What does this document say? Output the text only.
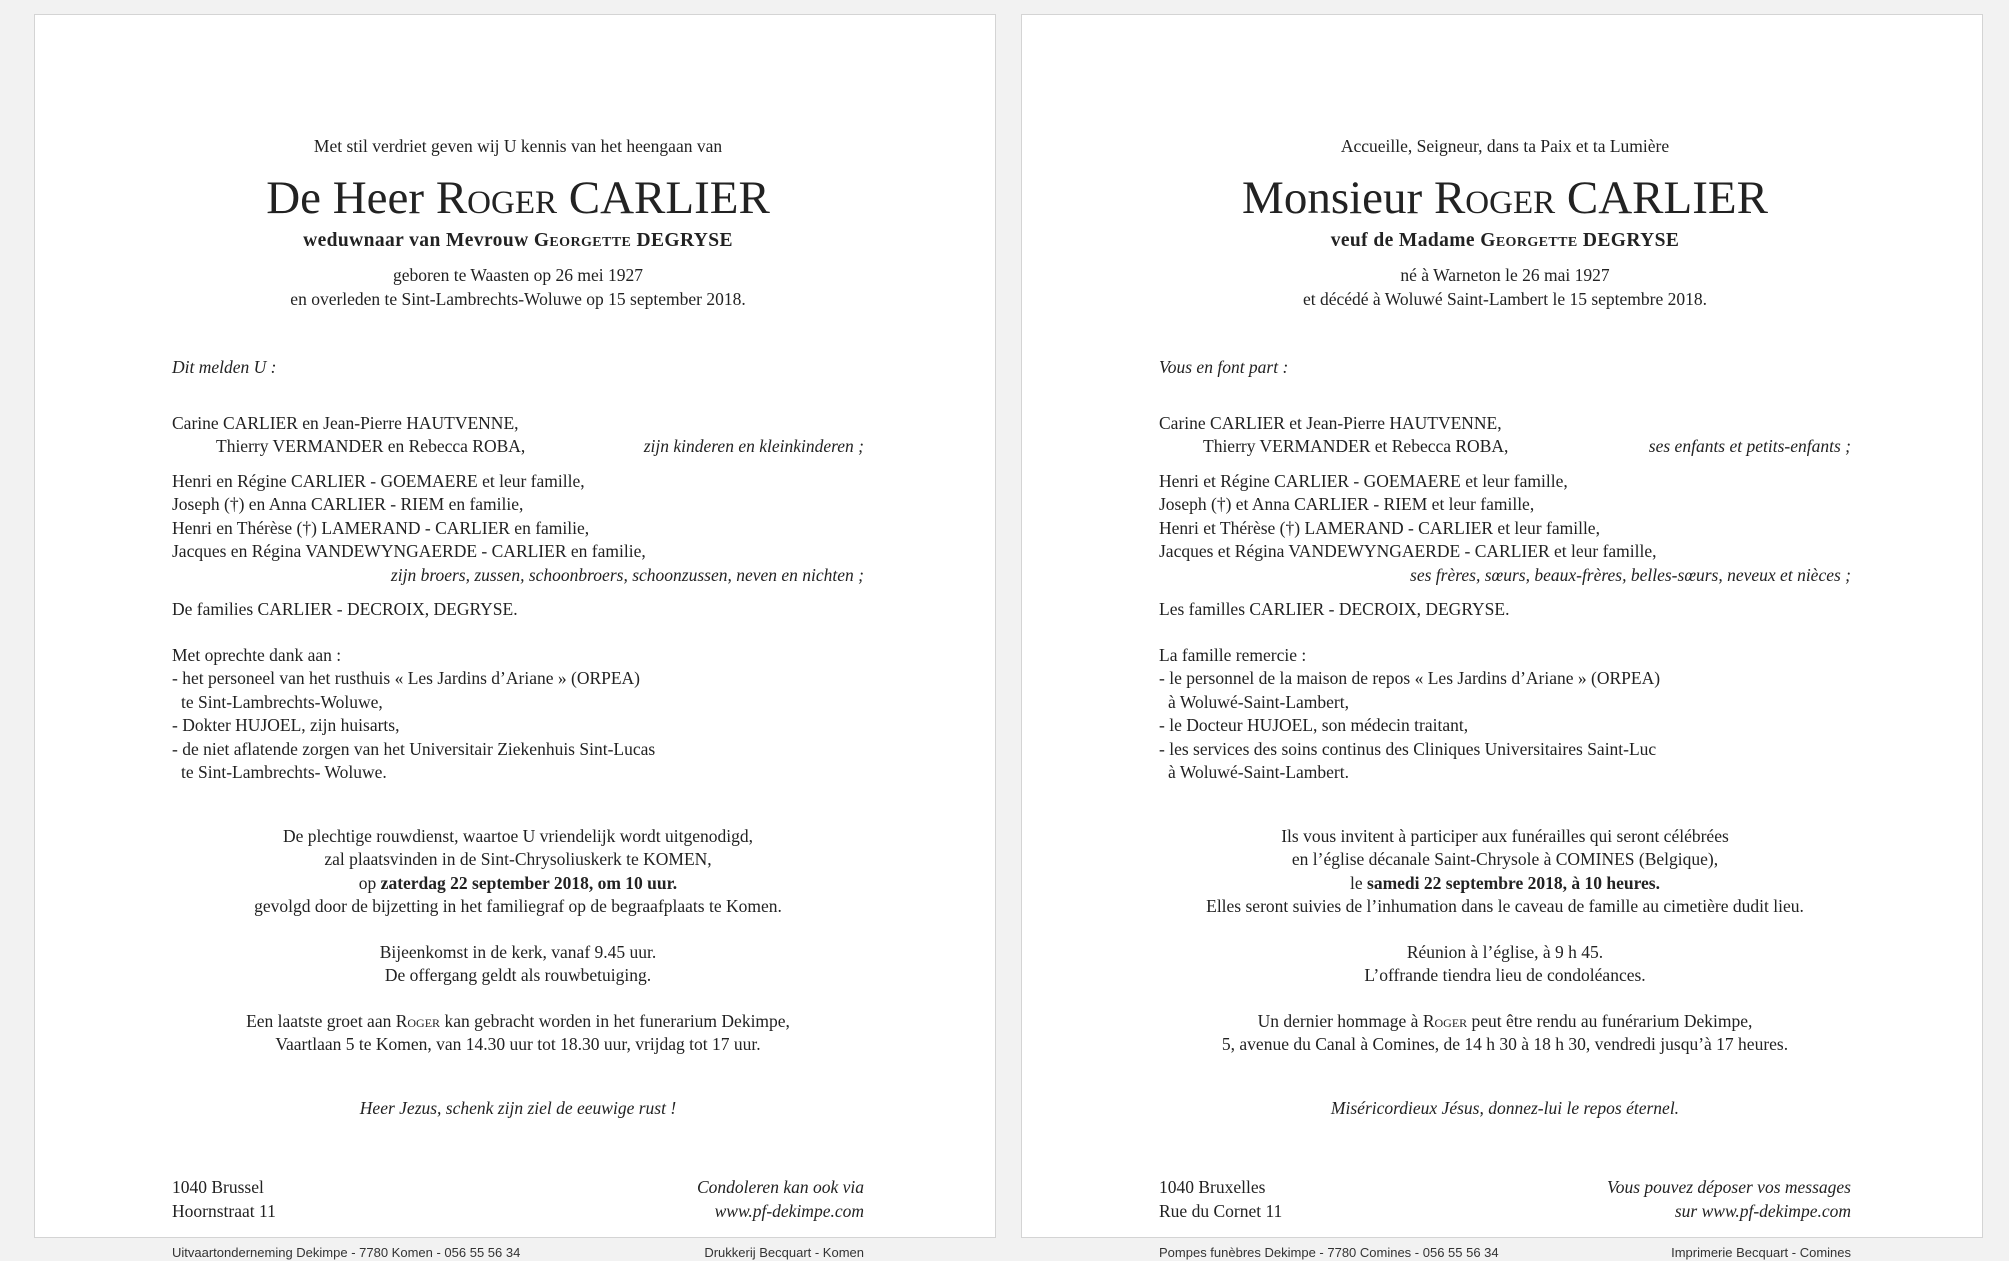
Met stil verdriet geven wij U kennis van het heengaan van
De Heer Roger CARLIER
weduwnaar van Mevrouw Georgette DEGRYSE
geboren te Waasten op 26 mei 1927
en overleden te Sint-Lambrechts-Woluwe op 15 september 2018.
Dit melden U :
Carine CARLIER en Jean-Pierre HAUTVENNE,
Thierry VERMANDER en Rebecca ROBA,	zijn kinderen en kleinkinderen ;
Henri en Régine CARLIER - GOEMAERE et leur famille,
Joseph (†) en Anna CARLIER - RIEM en familie,
Henri en Thérèse (†) LAMERAND - CARLIER en familie,
Jacques en Régina VANDEWYNGAERDE - CARLIER en familie,
zijn broers, zussen, schoonbroers, schoonzussen, neven en nichten ;
De families CARLIER - DECROIX, DEGRYSE.
Met oprechte dank aan :
- het personeel van het rusthuis « Les Jardins d’Ariane » (ORPEA)
te Sint-Lambrechts-Woluwe,
- Dokter HUJOEL, zijn huisarts,
- de niet aflatende zorgen van het Universitair Ziekenhuis Sint-Lucas
te Sint-Lambrechts- Woluwe.
De plechtige rouwdienst, waartoe U vriendelijk wordt uitgenodigd,
zal plaatsvinden in de Sint-Chrysoliuskerk te KOMEN,
op zaterdag 22 september 2018, om 10 uur.
gevolgd door de bijzetting in het familiegraf op de begraafplaats te Komen.
Bijeenkomst in de kerk, vanaf 9.45 uur.
De offergang geldt als rouwbetuiging.
Een laatste groet aan Roger kan gebracht worden in het funerarium Dekimpe,
Vaartlaan 5 te Komen, van 14.30 uur tot 18.30 uur, vrijdag tot 17 uur.
Heer Jezus, schenk zijn ziel de eeuwige rust !
1040 Brussel
Hoornstraat 11
Condoleren kan ook via
www.pf-dekimpe.com
Uitvaartonderneming Dekimpe - 7780 Komen - 056 55 56 34	Drukkerij Becquart - Komen
Accueille, Seigneur, dans ta Paix et ta Lumière
Monsieur Roger CARLIER
veuf de Madame Georgette DEGRYSE
né à Warneton le 26 mai 1927
et décédé à Woluwé Saint-Lambert le 15 septembre 2018.
Vous en font part :
Carine CARLIER et Jean-Pierre HAUTVENNE,
Thierry VERMANDER et Rebecca ROBA,	ses enfants et petits-enfants ;
Henri et Régine CARLIER - GOEMAERE et leur famille,
Joseph (†) et Anna CARLIER - RIEM et leur famille,
Henri et Thérèse (†) LAMERAND - CARLIER et leur famille,
Jacques et Régina VANDEWYNGAERDE - CARLIER et leur famille,
ses frères, sœurs, beaux-frères, belles-sœurs, neveux et nièces ;
Les familles CARLIER - DECROIX, DEGRYSE.
La famille remercie :
- le personnel de la maison de repos « Les Jardins d’Ariane » (ORPEA)
à Woluwé-Saint-Lambert,
- le Docteur HUJOEL, son médecin traitant,
- les services des soins continus des Cliniques Universitaires Saint-Luc
à Woluwé-Saint-Lambert.
Ils vous invitent à participer aux funérailles qui seront célébrées
en l’église décanale Saint-Chrysole à COMINES (Belgique),
le samedi 22 septembre 2018, à 10 heures.
Elles seront suivies de l’inhumation dans le caveau de famille au cimetière dudit lieu.
Réunion à l’église, à 9 h 45.
L’offrande tiendra lieu de condoléances.
Un dernier hommage à Roger peut être rendu au funérarium Dekimpe,
5, avenue du Canal à Comines, de 14 h 30 à 18 h 30, vendredi jusqu’à 17 heures.
Miséricordieux Jésus, donnez-lui le repos éternel.
1040 Bruxelles
Rue du Cornet 11
Vous pouvez déposer vos messages
sur www.pf-dekimpe.com
Pompes funèbres Dekimpe - 7780 Comines - 056 55 56 34	Imprimerie Becquart - Comines
